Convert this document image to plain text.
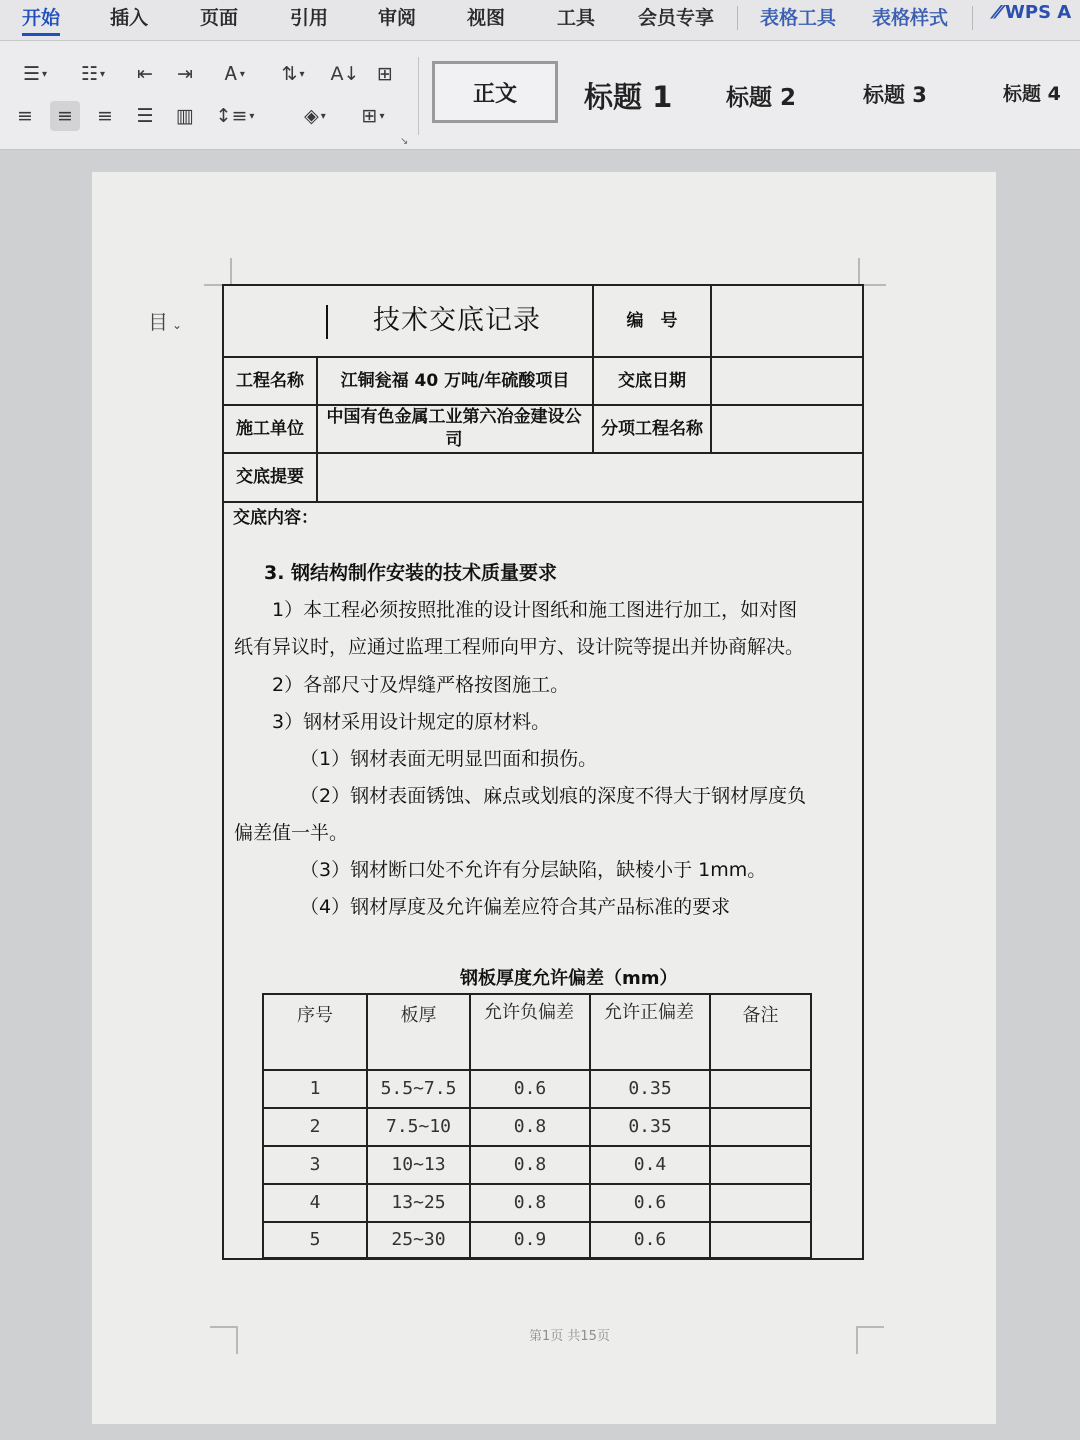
开始	插入	页面	引用	审阅	视图	工具 会员专享 表格工具 表格样式	⁄⁄ WPS A
☰ ▾ ☷ ▾ ⇤ ⇥ Ꭺ ▾ ⇅ ▾ A↓ ⊞
≡ ≡ ≡ ☰ ▥ ↕≡ ▾	◈ ▾ ⊞ ▾
↘
正文 标题 1 标题 2	标题 3	标题 4
目 ⌄	技术交底记录	编　号
工程名称	江铜瓮福 40 万吨/年硫酸项目	交底日期
施工单位
中国有色金属工业第六冶金建设公司
分项工程名称
交底提要
交底内容：
3. 钢结构制作安装的技术质量要求
1）本工程必须按照批准的设计图纸和施工图进行加工，如对图
纸有异议时，应通过监理工程师向甲方、设计院等提出并协商解决。
2）各部尺寸及焊缝严格按图施工。
3）钢材采用设计规定的原材料。
（1）钢材表面无明显凹面和损伤。
（2）钢材表面锈蚀、麻点或划痕的深度不得大于钢材厚度负
偏差值一半。
（3）钢材断口处不允许有分层缺陷，缺棱小于 1mm。
（4）钢材厚度及允许偏差应符合其产品标准的要求
钢板厚度允许偏差（mm）
序号	板厚	允许负偏差	允许正偏差	备注
1	5.5~7.5	0.6	0.35
2	7.5~10	0.8	0.35
3	10~13	0.8	0.4
4	13~25	0.8	0.6
5	25~30	0.9	0.6
第1页 共15页
